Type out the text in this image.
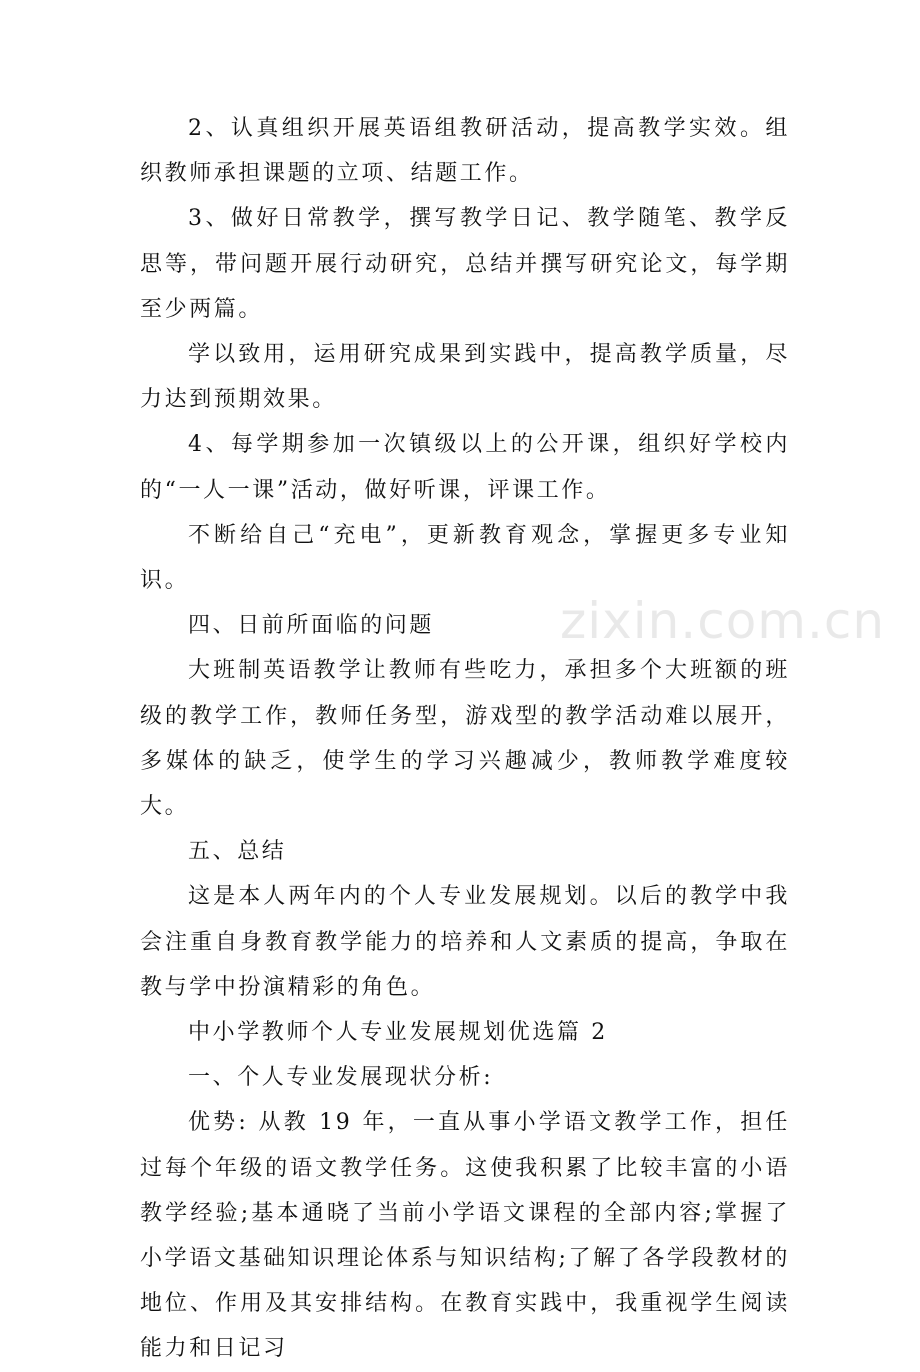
2、认真组织开展英语组教研活动，提高教学实效。组织教师承担课题的立项、结题工作。

3、做好日常教学，撰写教学日记、教学随笔、教学反思等，带问题开展行动研究，总结并撰写研究论文，每学期至少两篇。

学以致用，运用研究成果到实践中，提高教学质量，尽力达到预期效果。

4、每学期参加一次镇级以上的公开课，组织好学校内的“一人一课”活动，做好听课，评课工作。

不断给自己“充电”，更新教育观念，掌握更多专业知识。

四、日前所面临的问题

大班制英语教学让教师有些吃力，承担多个大班额的班级的教学工作，教师任务型，游戏型的教学活动难以展开，多媒体的缺乏，使学生的学习兴趣减少，教师教学难度较大。

五、总结

这是本人两年内的个人专业发展规划。以后的教学中我会注重自身教育教学能力的培养和人文素质的提高，争取在教与学中扮演精彩的角色。

中小学教师个人专业发展规划优选篇 2

一、个人专业发展现状分析:

优势: 从教 19 年，一直从事小学语文教学工作，担任过每个年级的语文教学任务。这使我积累了比较丰富的小语教学经验;基本通晓了当前小学语文课程的全部内容;掌握了小学语文基础知识理论体系与知识结构;了解了各学段教材的地位、作用及其安排结构。在教育实践中，我重视学生阅读能力和日记习

zixin.com.cn
